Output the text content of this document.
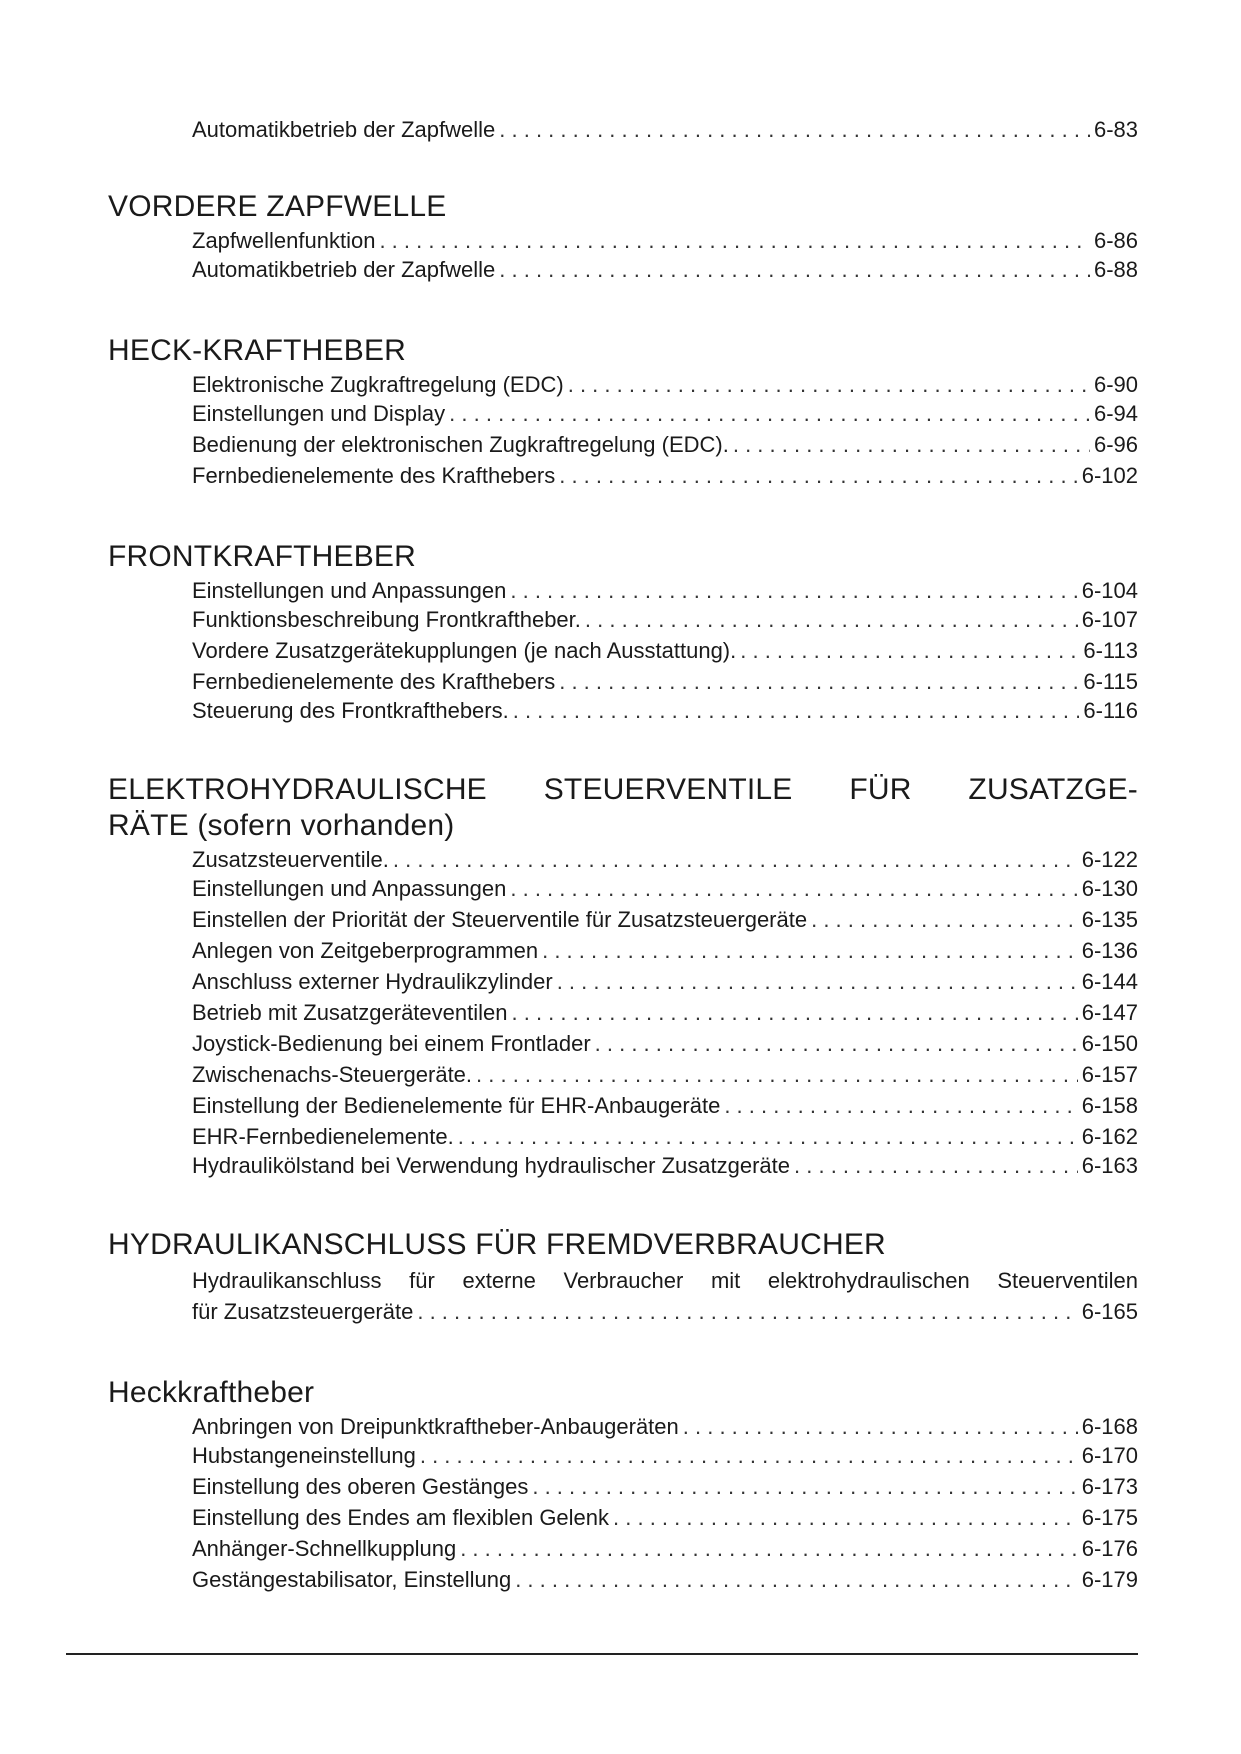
Automatikbetrieb der Zapfwelle . . .	6-83
VORDERE ZAPFWELLE
Zapfwellenfunktion . . .	6-86
Automatikbetrieb der Zapfwelle . . .	6-88
HECK-KRAFTHEBER
Elektronische Zugkraftregelung (EDC) . . .	6-90
Einstellungen und Display . . .	6-94
Bedienung der elektronischen Zugkraftregelung (EDC). . . .	6-96
Fernbedienelemente des Krafthebers . . .	6-102
FRONTKRAFTHEBER
Einstellungen und Anpassungen . . .	6-104
Funktionsbeschreibung Frontkraftheber. . . .	6-107
Vordere Zusatzgerätekupplungen (je nach Ausstattung). . . .	6-113
Fernbedienelemente des Krafthebers . . .	6-115
Steuerung des Frontkrafthebers. . . .	6-116
ELEKTROHYDRAULISCHE STEUERVENTILE FÜR ZUSATZGE-
RÄTE (sofern vorhanden)
Zusatzsteuerventile. . . .	6-122
Einstellungen und Anpassungen . . .	6-130
Einstellen der Priorität der Steuerventile für Zusatzsteuergeräte . . .	6-135
Anlegen von Zeitgeberprogrammen . . .	6-136
Anschluss externer Hydraulikzylinder . . .	6-144
Betrieb mit Zusatzgeräteventilen . . .	6-147
Joystick-Bedienung bei einem Frontlader . . .	6-150
Zwischenachs-Steuergeräte. . . .	6-157
Einstellung der Bedienelemente für EHR-Anbaugeräte . . .	6-158
EHR-Fernbedienelemente. . . .	6-162
Hydraulikölstand bei Verwendung hydraulischer Zusatzgeräte . . .	6-163
HYDRAULIKANSCHLUSS FÜR FREMDVERBRAUCHER
Hydraulikanschluss für externe Verbraucher mit elektrohydraulischen Steuerventilen
für Zusatzsteuergeräte . . .	6-165
Heckkraftheber
Anbringen von Dreipunktkraftheber-Anbaugeräten . . .	6-168
Hubstangeneinstellung . . .	6-170
Einstellung des oberen Gestänges . . .	6-173
Einstellung des Endes am flexiblen Gelenk . . .	6-175
Anhänger-Schnellkupplung . . .	6-176
Gestängestabilisator, Einstellung . . .	6-179
